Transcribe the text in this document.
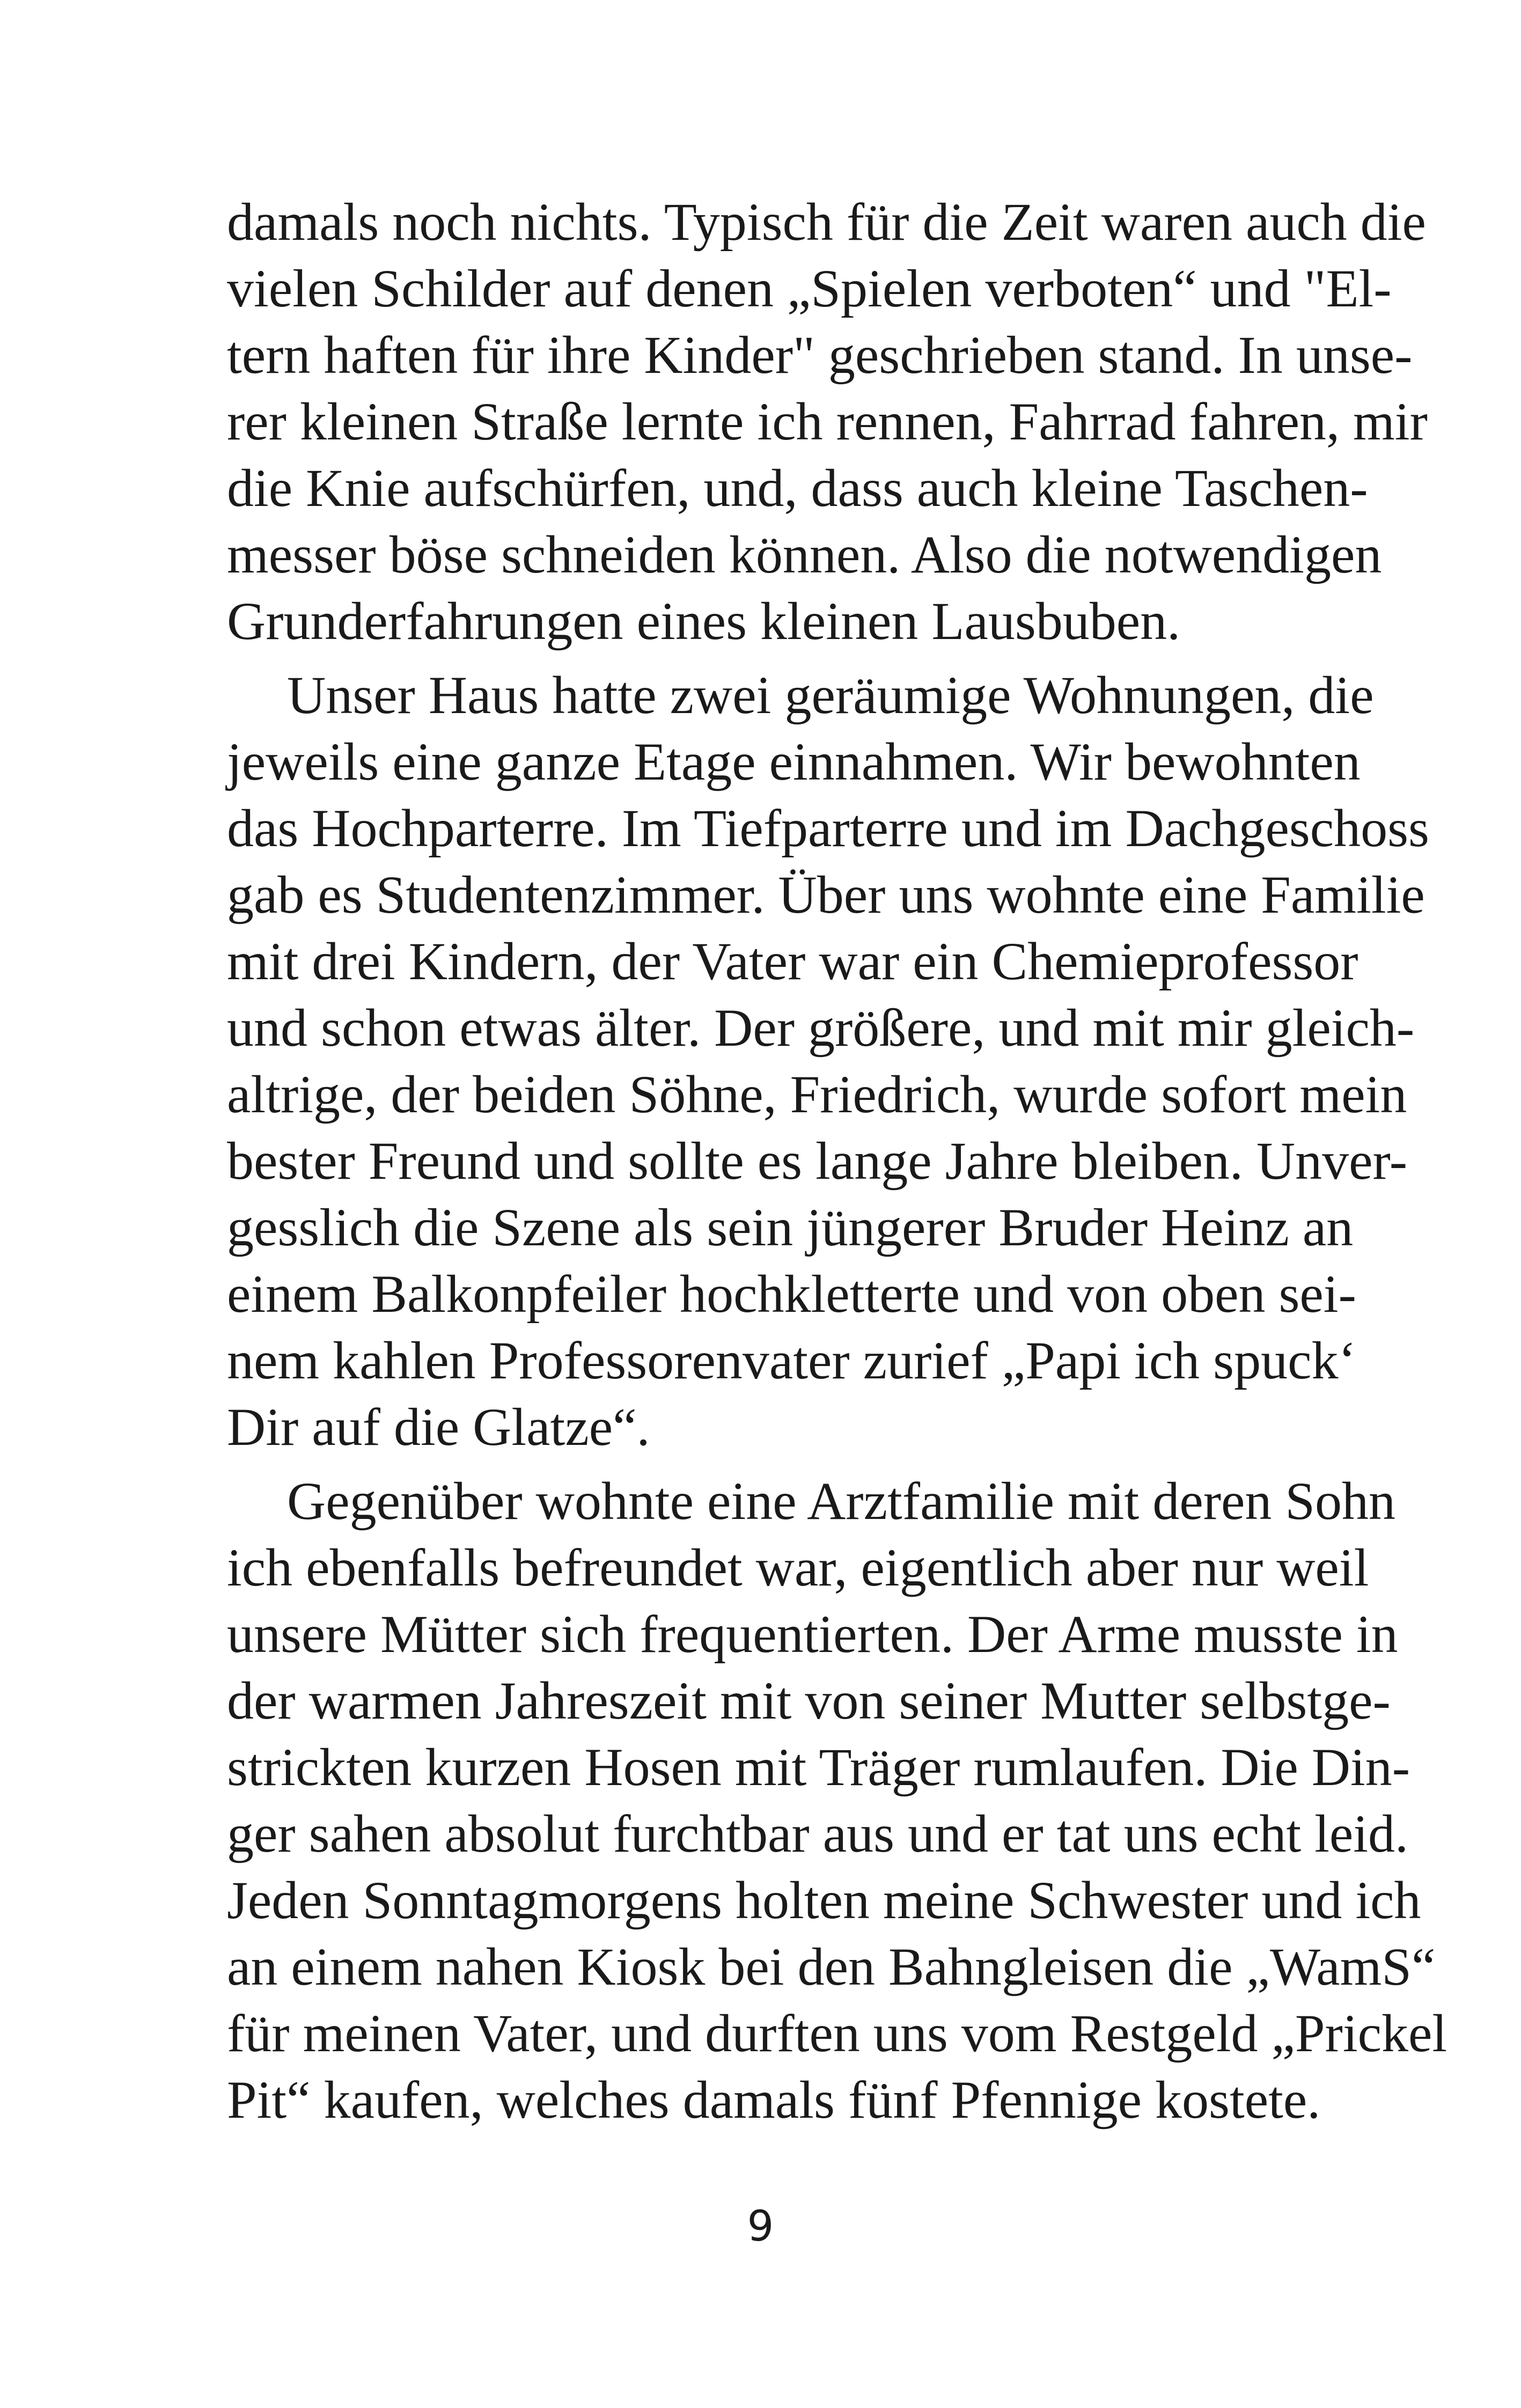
damals noch nichts. Typisch für die Zeit waren auch die
vielen Schilder auf denen „Spielen verboten“ und "El-
tern haften für ihre Kinder" geschrieben stand. In unse-
rer kleinen Straße lernte ich rennen, Fahrrad fahren, mir
die Knie aufschürfen, und, dass auch kleine Taschen-
messer böse schneiden können. Also die notwendigen
Grunderfahrungen eines kleinen Lausbuben.
Unser Haus hatte zwei geräumige Wohnungen, die
jeweils eine ganze Etage einnahmen. Wir bewohnten
das Hochparterre. Im Tiefparterre und im Dachgeschoss
gab es Studentenzimmer. Über uns wohnte eine Familie
mit drei Kindern, der Vater war ein Chemieprofessor
und schon etwas älter. Der größere, und mit mir gleich-
altrige, der beiden Söhne, Friedrich, wurde sofort mein
bester Freund und sollte es lange Jahre bleiben. Unver-
gesslich die Szene als sein jüngerer Bruder Heinz an
einem Balkonpfeiler hochkletterte und von oben sei-
nem kahlen Professorenvater zurief „Papi ich spuck‘
Dir auf die Glatze“.
Gegenüber wohnte eine Arztfamilie mit deren Sohn
ich ebenfalls befreundet war, eigentlich aber nur weil
unsere Mütter sich frequentierten. Der Arme musste in
der warmen Jahreszeit mit von seiner Mutter selbstge-
strickten kurzen Hosen mit Träger rumlaufen. Die Din-
ger sahen absolut furchtbar aus und er tat uns echt leid.
Jeden Sonntagmorgens holten meine Schwester und ich
an einem nahen Kiosk bei den Bahngleisen die „WamS“
für meinen Vater, und durften uns vom Restgeld „Prickel
Pit“ kaufen, welches damals fünf Pfennige kostete.
9
